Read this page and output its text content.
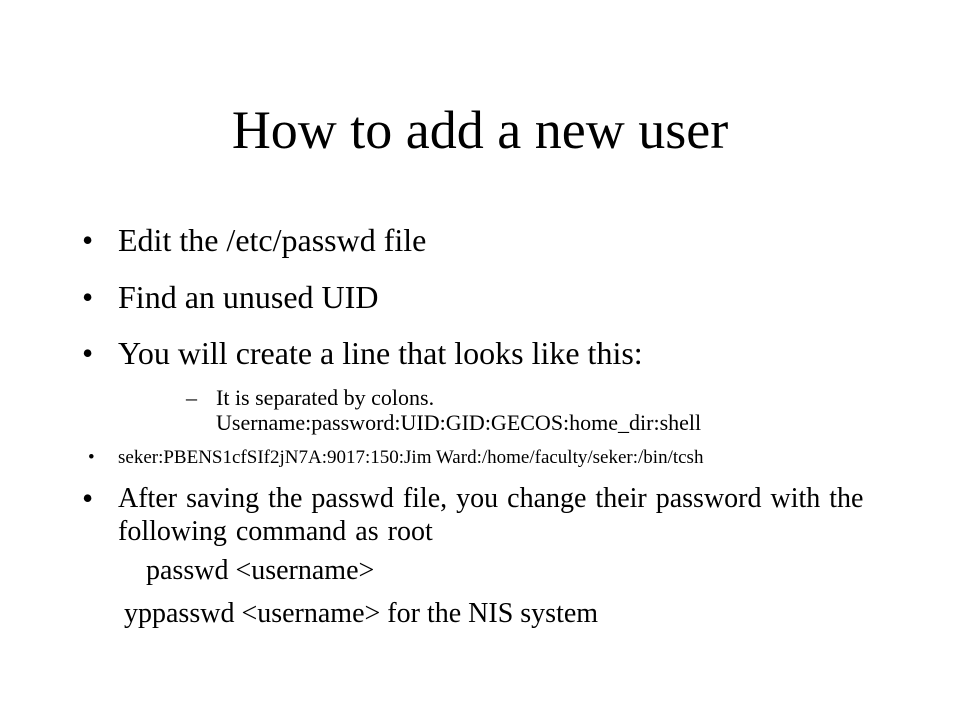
How to add a new user
• Edit the /etc/passwd file
• Find an unused UID
• You will create a line that looks like this:
– It is separated by colons.
Username:password:UID:GID:GECOS:home_dir:shell
• seker:PBENS1cfSIf2jN7A:9017:150:Jim Ward:/home/faculty/seker:/bin/tcsh
• After saving the passwd file, you change their password with the following command as root
passwd <username>
yppasswd <username> for the NIS system
